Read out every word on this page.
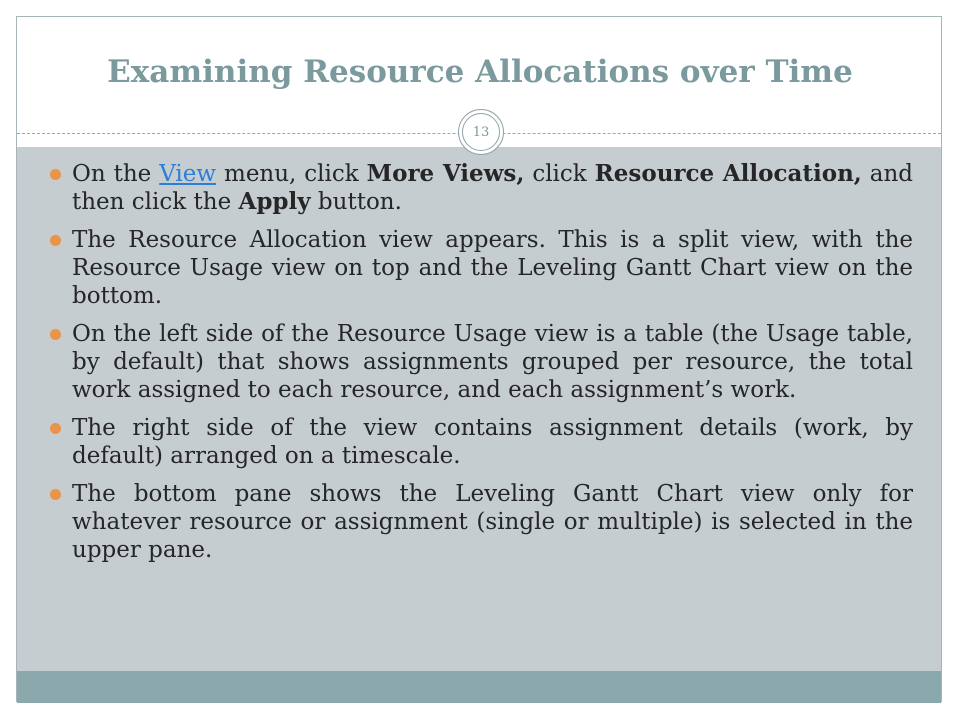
Examining Resource Allocations over Time
13
On the View menu, click More Views, click Resource Allocation, and then click the Apply button.
The Resource Allocation view appears. This is a split view, with the Resource Usage view on top and the Leveling Gantt Chart view on the bottom.
On the left side of the Resource Usage view is a table (the Usage table, by default) that shows assignments grouped per resource, the total work assigned to each resource, and each assignment’s work.
The right side of the view contains assignment details (work, by default) arranged on a timescale.
The bottom pane shows the Leveling Gantt Chart view only for whatever resource or assignment (single or multiple) is selected in the upper pane.
